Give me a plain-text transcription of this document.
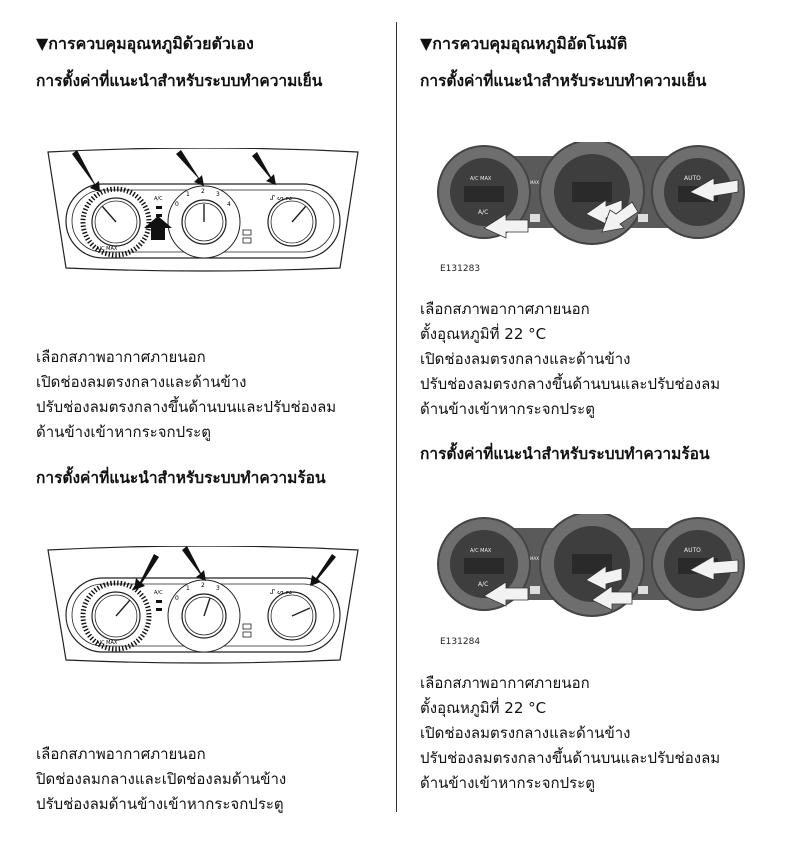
▼การควบคุมอุณหภูมิด้วยตัวเอง
การตั้งค่าที่แนะนำสำหรับระบบทำความเย็น
A/C MAX
0
1 2 3
4
A/C	ᔑ ᔕ ᔓ
เลือกสภาพอากาศภายนอก
เปิดช่องลมตรงกลางและด้านข้าง
ปรับช่องลมตรงกลางขึ้นด้านบนและปรับช่องลม
ด้านข้างเข้าหากระจกประตู
การตั้งค่าที่แนะนำสำหรับระบบทำความร้อน
A/C MAX
0
1 2 3
A/C	ᔑ ᔕ ᔓ
เลือกสภาพอากาศภายนอก
ปิดช่องลมกลางและเปิดช่องลมด้านข้าง
ปรับช่องลมด้านข้างเข้าหากระจกประตู
▼การควบคุมอุณหภูมิอัตโนมัติ
การตั้งค่าที่แนะนำสำหรับระบบทำความเย็น
A/C MAX
A/C
MAX
AUTO
E131283
เลือกสภาพอากาศภายนอก
ตั้งอุณหภูมิที่ 22 °C
เปิดช่องลมตรงกลางและด้านข้าง
ปรับช่องลมตรงกลางขึ้นด้านบนและปรับช่องลม
ด้านข้างเข้าหากระจกประตู
การตั้งค่าที่แนะนำสำหรับระบบทำความร้อน
A/C MAX
A/C
MAX
AUTO
E131284
เลือกสภาพอากาศภายนอก
ตั้งอุณหภูมิที่ 22 °C
เปิดช่องลมตรงกลางและด้านข้าง
ปรับช่องลมตรงกลางขึ้นด้านบนและปรับช่องลม
ด้านข้างเข้าหากระจกประตู
